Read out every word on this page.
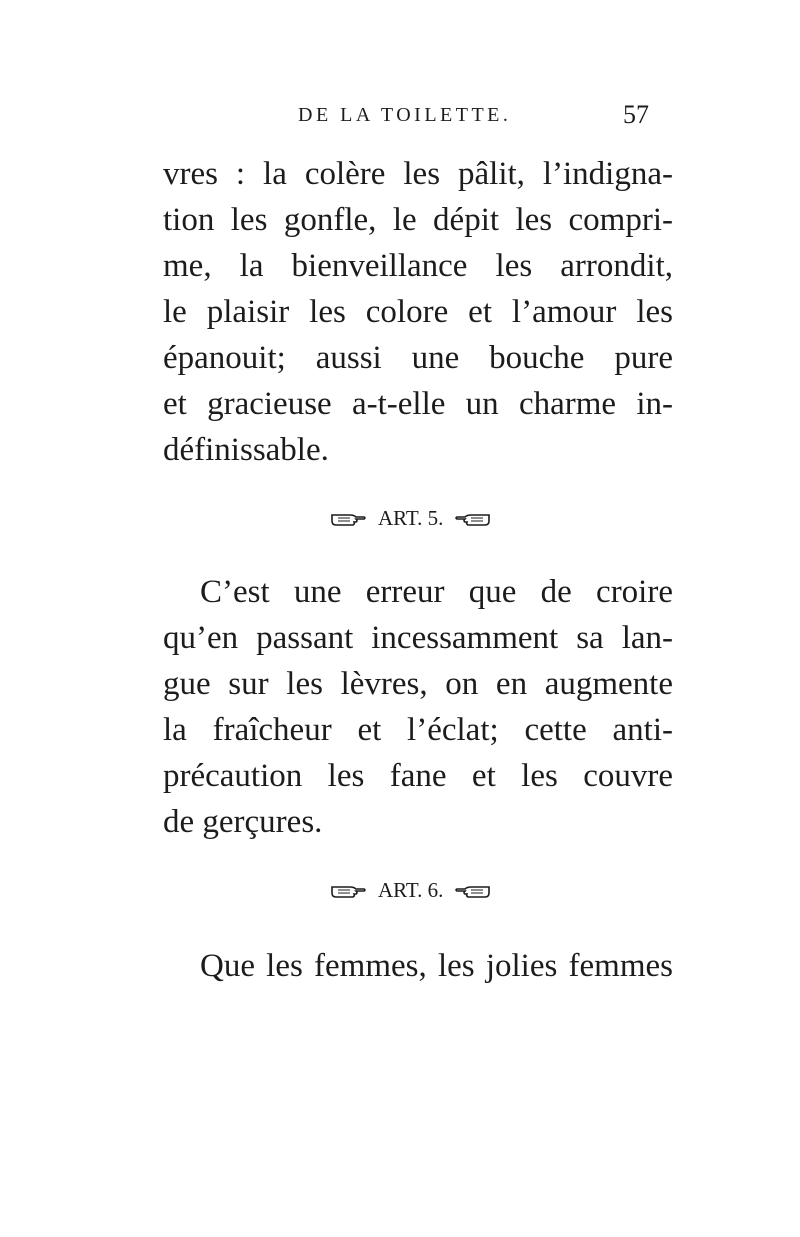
DE LA TOILETTE.	57
vres : la colère les pâlit, l’indigna-
tion les gonfle, le dépit les compri-
me, la bienveillance les arrondit,
le plaisir les colore et l’amour les
épanouit; aussi une bouche pure
et gracieuse a-t-elle un charme in-
définissable.
ART. 5.
C’est une erreur que de croire
qu’en passant incessamment sa lan-
gue sur les lèvres, on en augmente
la fraîcheur et l’éclat; cette anti-
précaution les fane et les couvre
de gerçures.
ART. 6.
Que les femmes, les jolies femmes
